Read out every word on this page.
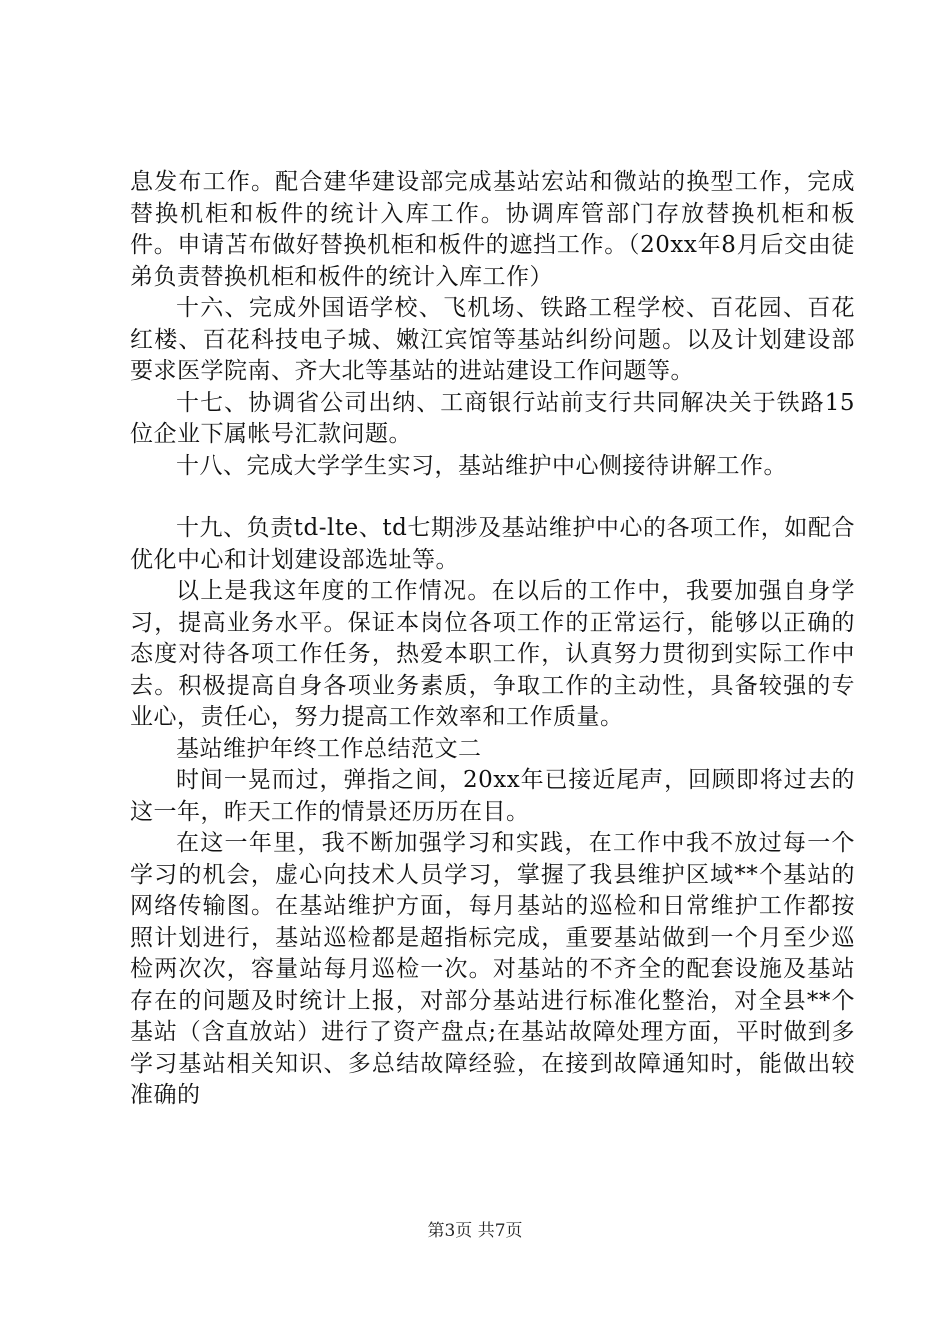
息发布工作。配合建华建设部完成基站宏站和微站的换型工作，完成替换机柜和板件的统计入库工作。协调库管部门存放替换机柜和板件。申请苫布做好替换机柜和板件的遮挡工作。（20xx年8月后交由徒弟负责替换机柜和板件的统计入库工作）

十六、完成外国语学校、飞机场、铁路工程学校、百花园、百花红楼、百花科技电子城、嫩江宾馆等基站纠纷问题。以及计划建设部要求医学院南、齐大北等基站的进站建设工作问题等。

十七、协调省公司出纳、工商银行站前支行共同解决关于铁路15位企业下属帐号汇款问题。

十八、完成大学学生实习，基站维护中心侧接待讲解工作。

十九、负责td-lte、td七期涉及基站维护中心的各项工作，如配合优化中心和计划建设部选址等。

以上是我这年度的工作情况。在以后的工作中，我要加强自身学习，提高业务水平。保证本岗位各项工作的正常运行，能够以正确的态度对待各项工作任务，热爱本职工作，认真努力贯彻到实际工作中去。积极提高自身各项业务素质，争取工作的主动性，具备较强的专业心，责任心，努力提高工作效率和工作质量。

基站维护年终工作总结范文二

时间一晃而过，弹指之间，20xx年已接近尾声，回顾即将过去的这一年，昨天工作的情景还历历在目。

在这一年里，我不断加强学习和实践，在工作中我不放过每一个学习的机会，虚心向技术人员学习，掌握了我县维护区域**个基站的网络传输图。在基站维护方面，每月基站的巡检和日常维护工作都按照计划进行，基站巡检都是超指标完成，重要基站做到一个月至少巡检两次次，容量站每月巡检一次。对基站的不齐全的配套设施及基站存在的问题及时统计上报，对部分基站进行标准化整治，对全县**个基站（含直放站）进行了资产盘点;在基站故障处理方面，平时做到多学习基站相关知识、多总结故障经验，在接到故障通知时，能做出较准确的

第3页 共7页
